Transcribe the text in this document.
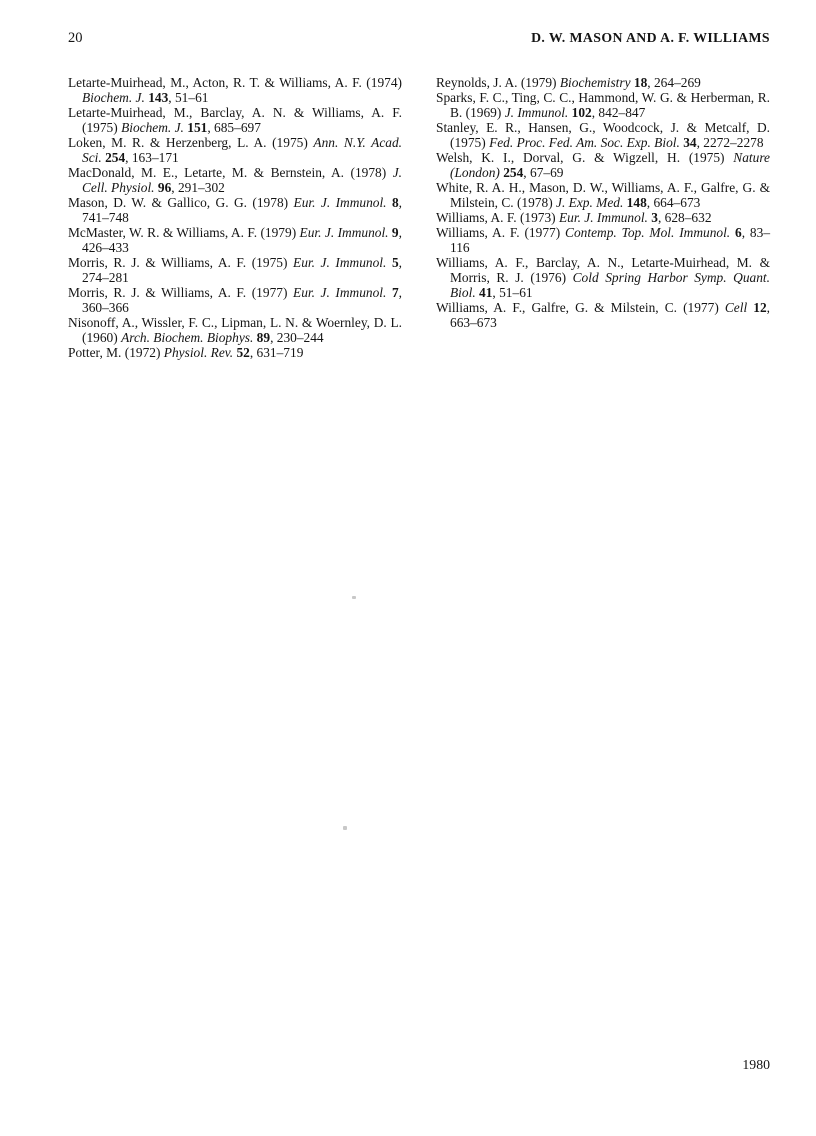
20	D. W. MASON AND A. F. WILLIAMS

Letarte-Muirhead, M., Acton, R. T. & Williams, A. F. (1974) Biochem. J. 143, 51–61

Letarte-Muirhead, M., Barclay, A. N. & Williams, A. F. (1975) Biochem. J. 151, 685–697

Loken, M. R. & Herzenberg, L. A. (1975) Ann. N.Y. Acad. Sci. 254, 163–171

MacDonald, M. E., Letarte, M. & Bernstein, A. (1978) J. Cell. Physiol. 96, 291–302

Mason, D. W. & Gallico, G. G. (1978) Eur. J. Immunol. 8, 741–748

McMaster, W. R. & Williams, A. F. (1979) Eur. J. Immunol. 9, 426–433

Morris, R. J. & Williams, A. F. (1975) Eur. J. Immunol. 5, 274–281

Morris, R. J. & Williams, A. F. (1977) Eur. J. Immunol. 7, 360–366

Nisonoff, A., Wissler, F. C., Lipman, L. N. & Woernley, D. L. (1960) Arch. Biochem. Biophys. 89, 230–244

Potter, M. (1972) Physiol. Rev. 52, 631–719

Reynolds, J. A. (1979) Biochemistry 18, 264–269

Sparks, F. C., Ting, C. C., Hammond, W. G. & Herberman, R. B. (1969) J. Immunol. 102, 842–847

Stanley, E. R., Hansen, G., Woodcock, J. & Metcalf, D. (1975) Fed. Proc. Fed. Am. Soc. Exp. Biol. 34, 2272–2278

Welsh, K. I., Dorval, G. & Wigzell, H. (1975) Nature (London) 254, 67–69

White, R. A. H., Mason, D. W., Williams, A. F., Galfre, G. & Milstein, C. (1978) J. Exp. Med. 148, 664–673

Williams, A. F. (1973) Eur. J. Immunol. 3, 628–632

Williams, A. F. (1977) Contemp. Top. Mol. Immunol. 6, 83–116

Williams, A. F., Barclay, A. N., Letarte-Muirhead, M. & Morris, R. J. (1976) Cold Spring Harbor Symp. Quant. Biol. 41, 51–61

Williams, A. F., Galfre, G. & Milstein, C. (1977) Cell 12, 663–673

1980
